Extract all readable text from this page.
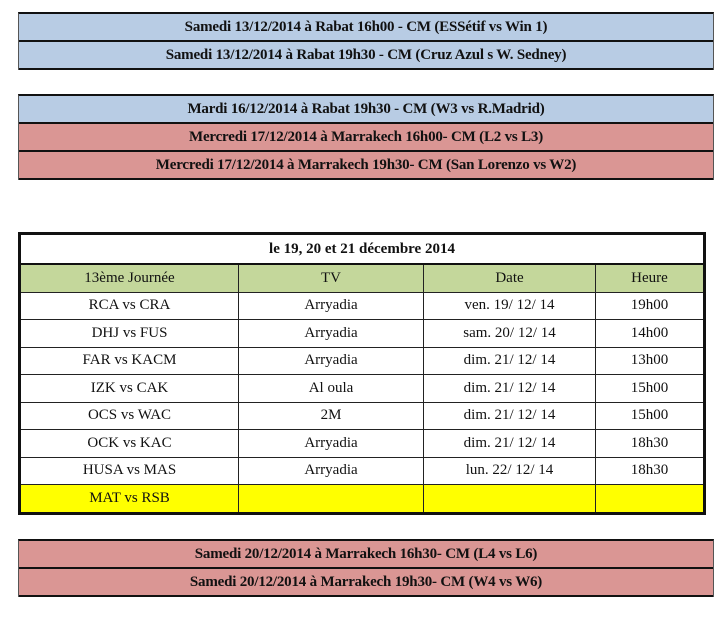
Samedi 13/12/2014 à Rabat 16h00 - CM (ESSétif vs Win 1)
Samedi 13/12/2014 à Rabat 19h30 - CM (Cruz Azul s W. Sedney)
Mardi 16/12/2014 à Rabat 19h30 - CM (W3 vs R.Madrid)
Mercredi 17/12/2014 à Marrakech 16h00- CM (L2 vs L3)
Mercredi 17/12/2014 à Marrakech 19h30- CM (San Lorenzo vs W2)
le 19, 20 et 21 décembre 2014			
13ème Journée	TV	Date	Heure
RCA vs CRA	Arryadia	ven. 19/ 12/ 14	19h00
DHJ vs FUS	Arryadia	sam. 20/ 12/ 14	14h00
FAR vs KACM	Arryadia	dim. 21/ 12/ 14	13h00
IZK vs CAK	Al oula	dim. 21/ 12/ 14	15h00
OCS vs WAC	2M	dim. 21/ 12/ 14	15h00
OCK vs KAC	Arryadia	dim. 21/ 12/ 14	18h30
HUSA vs MAS	Arryadia	lun. 22/ 12/ 14	18h30
MAT vs RSB			
Samedi 20/12/2014 à Marrakech 16h30- CM (L4 vs L6)
Samedi 20/12/2014 à Marrakech 19h30- CM (W4 vs W6)
